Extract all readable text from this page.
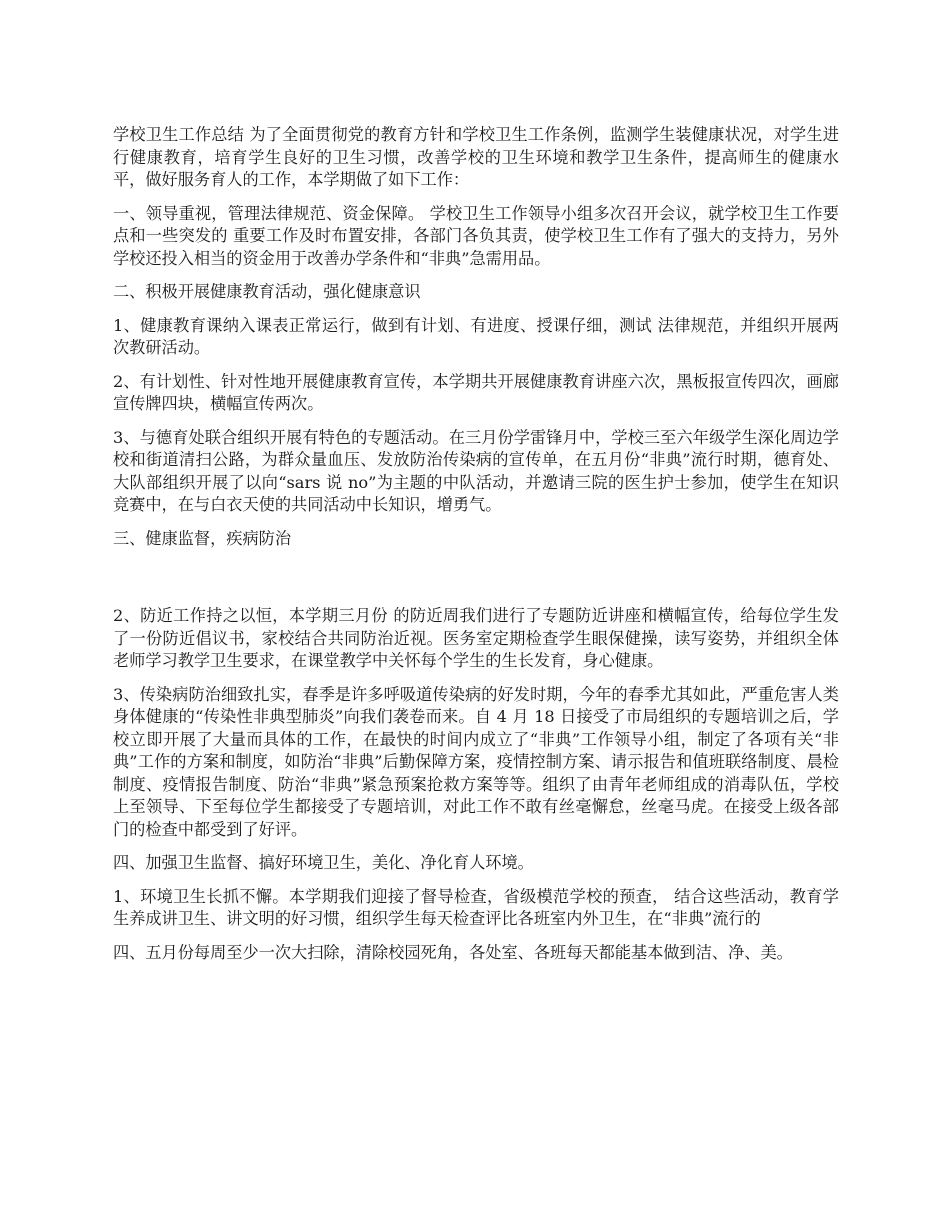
学校卫生工作总结 为了全面贯彻党的教育方针和学校卫生工作条例，监测学生装健康状况，对学生进行健康教育，培育学生良好的卫生习惯，改善学校的卫生环境和教学卫生条件，提高师生的健康水平，做好服务育人的工作，本学期做了如下工作：

一、领导重视，管理法律规范、资金保障。 学校卫生工作领导小组多次召开会议，就学校卫生工作要点和一些突发的 重要工作及时布置安排，各部门各负其责，使学校卫生工作有了强大的支持力，另外学校还投入相当的资金用于改善办学条件和“非典”急需用品。

二、积极开展健康教育活动，强化健康意识

1、健康教育课纳入课表正常运行，做到有计划、有进度、授课仔细，测试 法律规范，并组织开展两次教研活动。

2、有计划性、针对性地开展健康教育宣传，本学期共开展健康教育讲座六次，黑板报宣传四次，画廊宣传牌四块，横幅宣传两次。

3、与德育处联合组织开展有特色的专题活动。在三月份学雷锋月中，学校三至六年级学生深化周边学校和街道清扫公路，为群众量血压、发放防治传染病的宣传单，在五月份“非典”流行时期，德育处、大队部组织开展了以向“sars 说 no”为主题的中队活动，并邀请三院的医生护士参加，使学生在知识竞赛中，在与白衣天使的共同活动中长知识，增勇气。

三、健康监督，疾病防治

2、防近工作持之以恒，本学期三月份 的防近周我们进行了专题防近讲座和横幅宣传，给每位学生发了一份防近倡议书，家校结合共同防治近视。医务室定期检查学生眼保健操，读写姿势，并组织全体老师学习教学卫生要求，在课堂教学中关怀每个学生的生长发育，身心健康。

3、传染病防治细致扎实，春季是许多呼吸道传染病的好发时期，今年的春季尤其如此，严重危害人类身体健康的“传染性非典型肺炎”向我们袭卷而来。自 4 月 18 日接受了市局组织的专题培训之后，学校立即开展了大量而具体的工作，在最快的时间内成立了“非典”工作领导小组，制定了各项有关“非典”工作的方案和制度，如防治“非典”后勤保障方案，疫情控制方案、请示报告和值班联络制度、晨检制度、疫情报告制度、防治“非典”紧急预案抢救方案等等。组织了由青年老师组成的消毒队伍，学校上至领导、下至每位学生都接受了专题培训，对此工作不敢有丝毫懈怠，丝毫马虎。在接受上级各部门的检查中都受到了好评。

四、加强卫生监督、搞好环境卫生，美化、净化育人环境。

1、环境卫生长抓不懈。本学期我们迎接了督导检查，省级模范学校的预查， 结合这些活动，教育学生养成讲卫生、讲文明的好习惯，组织学生每天检查评比各班室内外卫生，在“非典”流行的

四、五月份每周至少一次大扫除，清除校园死角，各处室、各班每天都能基本做到洁、净、美。
